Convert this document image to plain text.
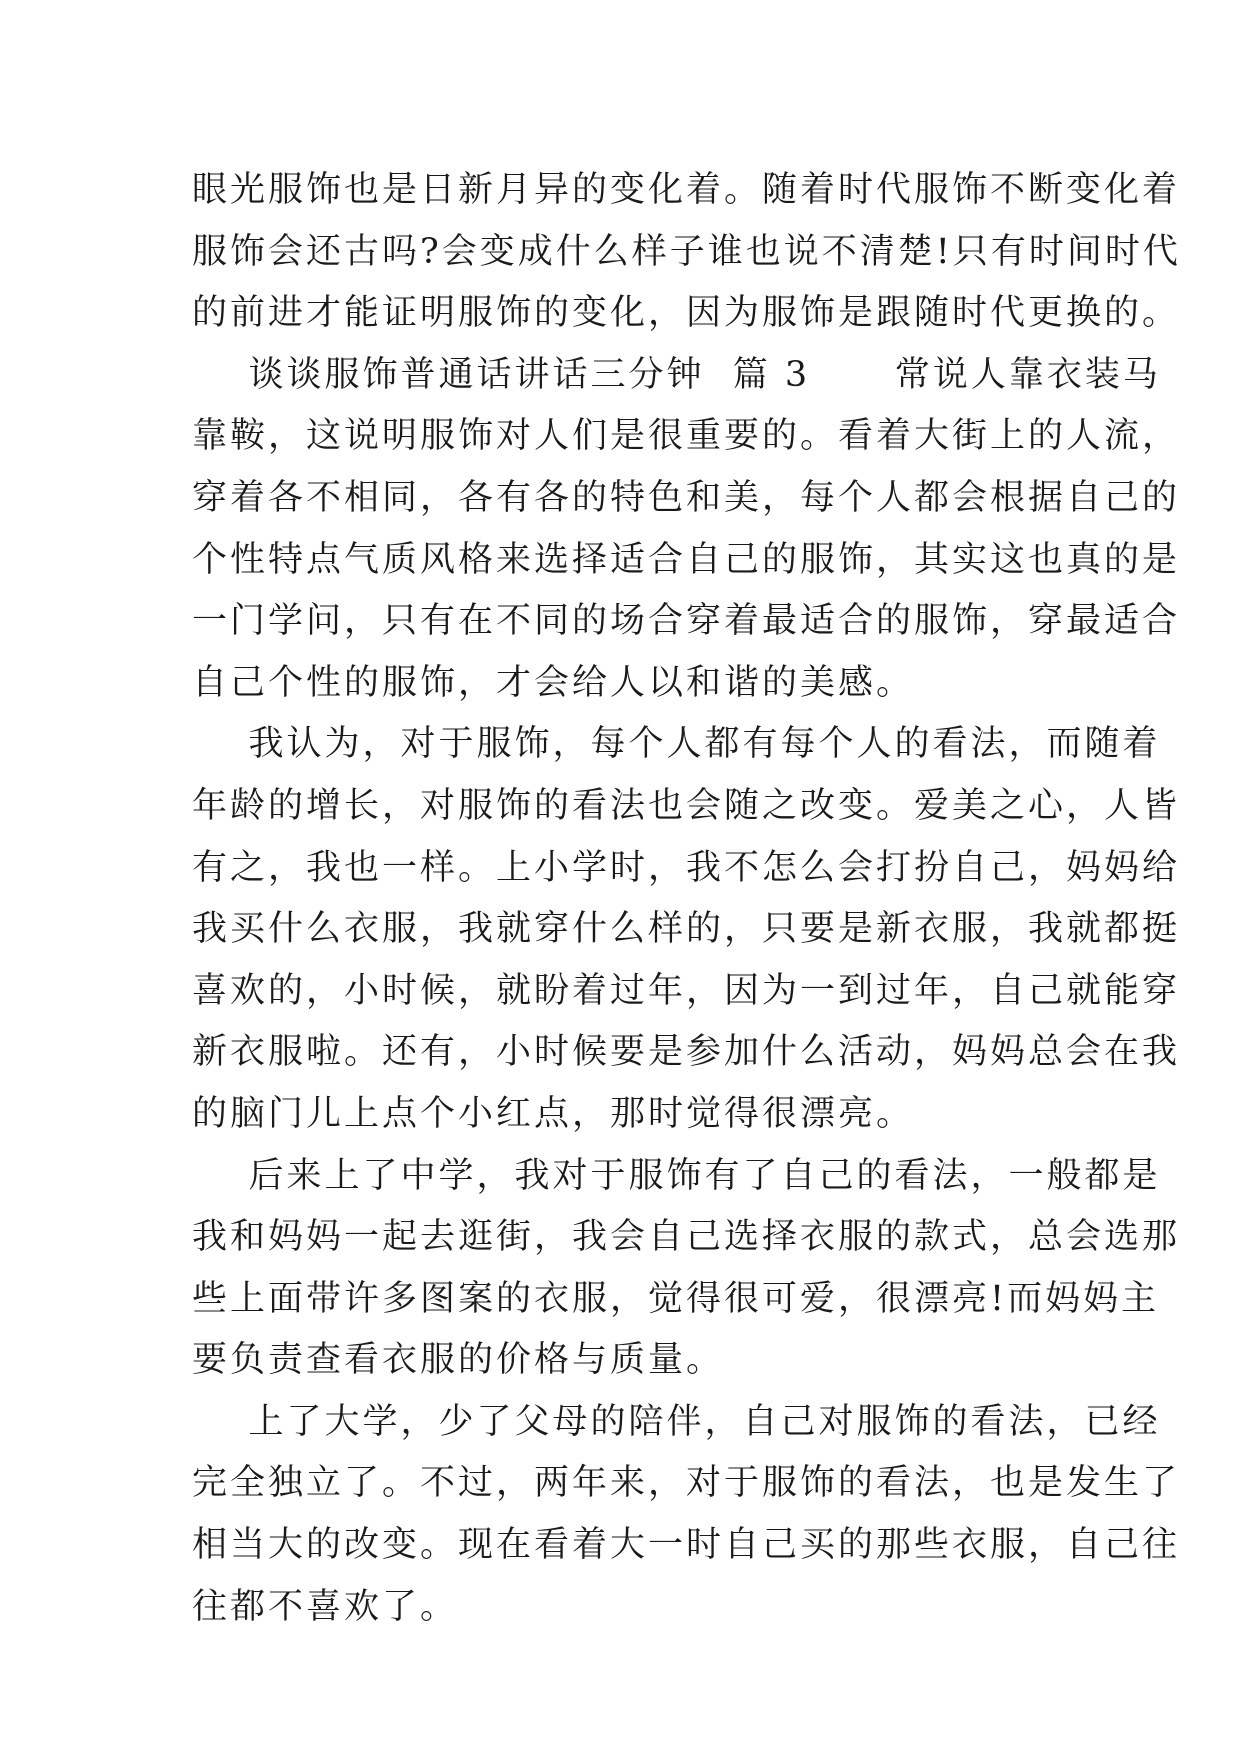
眼光服饰也是日新月异的变化着。随着时代服饰不断变化着
服饰会还古吗?会变成什么样子谁也说不清楚!只有时间时代
的前进才能证明服饰的变化，因为服饰是跟随时代更换的。
谈谈服饰普通话讲话三分钟  篇 3      常说人靠衣装马
靠鞍，这说明服饰对人们是很重要的。看着大街上的人流，
穿着各不相同，各有各的特色和美，每个人都会根据自己的
个性特点气质风格来选择适合自己的服饰，其实这也真的是
一门学问，只有在不同的场合穿着最适合的服饰，穿最适合
自己个性的服饰，才会给人以和谐的美感。
我认为，对于服饰，每个人都有每个人的看法，而随着
年龄的增长，对服饰的看法也会随之改变。爱美之心，人皆
有之，我也一样。上小学时，我不怎么会打扮自己，妈妈给
我买什么衣服，我就穿什么样的，只要是新衣服，我就都挺
喜欢的，小时候，就盼着过年，因为一到过年，自己就能穿
新衣服啦。还有，小时候要是参加什么活动，妈妈总会在我
的脑门儿上点个小红点，那时觉得很漂亮。
后来上了中学，我对于服饰有了自己的看法，一般都是
我和妈妈一起去逛街，我会自己选择衣服的款式，总会选那
些上面带许多图案的衣服，觉得很可爱，很漂亮!而妈妈主
要负责查看衣服的价格与质量。
上了大学，少了父母的陪伴，自己对服饰的看法，已经
完全独立了。不过，两年来，对于服饰的看法，也是发生了
相当大的改变。现在看着大一时自己买的那些衣服，自己往
往都不喜欢了。
